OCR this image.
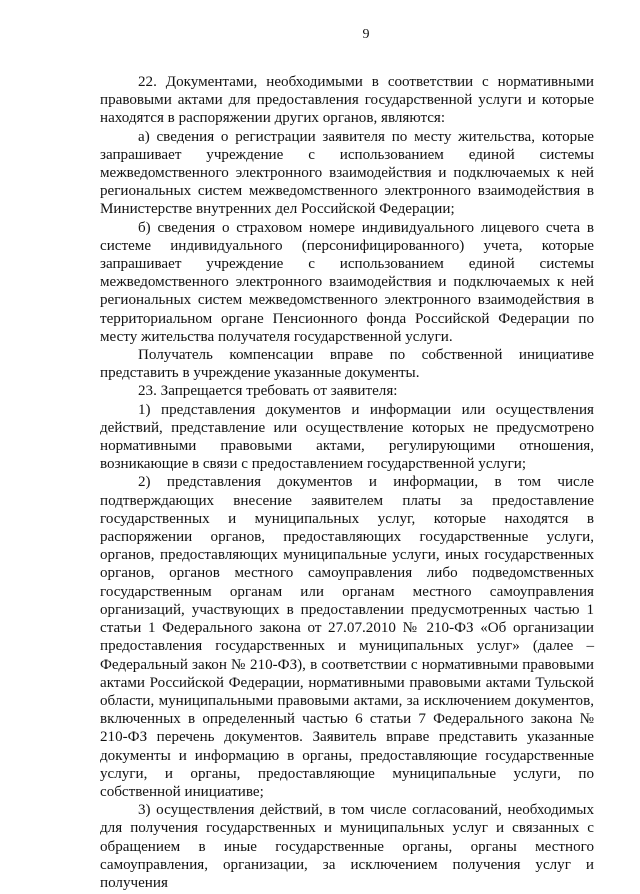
9

22. Документами, необходимыми в соответствии с нормативными правовыми актами для предоставления государственной услуги и которые находятся в распоряжении других органов, являются:

а) сведения о регистрации заявителя по месту жительства, которые запрашивает учреждение с использованием единой системы межведомственного электронного взаимодействия и подключаемых к ней региональных систем межведомственного электронного взаимодействия в Министерстве внутренних дел Российской Федерации;

б) сведения о страховом номере индивидуального лицевого счета в системе индивидуального (персонифицированного) учета, которые запрашивает учреждение с использованием единой системы межведомственного электронного взаимодействия и подключаемых к ней региональных систем межведомственного электронного взаимодействия в территориальном органе Пенсионного фонда Российской Федерации по месту жительства получателя государственной услуги.

Получатель компенсации вправе по собственной инициативе представить в учреждение указанные документы.

23. Запрещается требовать от заявителя:

1) представления документов и информации или осуществления действий, представление или осуществление которых не предусмотрено нормативными правовыми актами, регулирующими отношения, возникающие в связи с предоставлением государственной услуги;

2) представления документов и информации, в том числе подтверждающих внесение заявителем платы за предоставление государственных и муниципальных услуг, которые находятся в распоряжении органов, предоставляющих государственные услуги, органов, предоставляющих муниципальные услуги, иных государственных органов, органов местного самоуправления либо подведомственных государственным органам или органам местного самоуправления организаций, участвующих в предоставлении предусмотренных частью 1 статьи 1 Федерального закона от 27.07.2010 № 210-ФЗ «Об организации предоставления государственных и муниципальных услуг» (далее – Федеральный закон № 210-ФЗ), в соответствии с нормативными правовыми актами Российской Федерации, нормативными правовыми актами Тульской области, муниципальными правовыми актами, за исключением документов, включенных в определенный частью 6 статьи 7 Федерального закона № 210-ФЗ перечень документов. Заявитель вправе представить указанные документы и информацию в органы, предоставляющие государственные услуги, и органы, предоставляющие муниципальные услуги, по собственной инициативе;

3) осуществления действий, в том числе согласований, необходимых для получения государственных и муниципальных услуг и связанных с обращением в иные государственные органы, органы местного самоуправления, организации, за исключением получения услуг и получения
